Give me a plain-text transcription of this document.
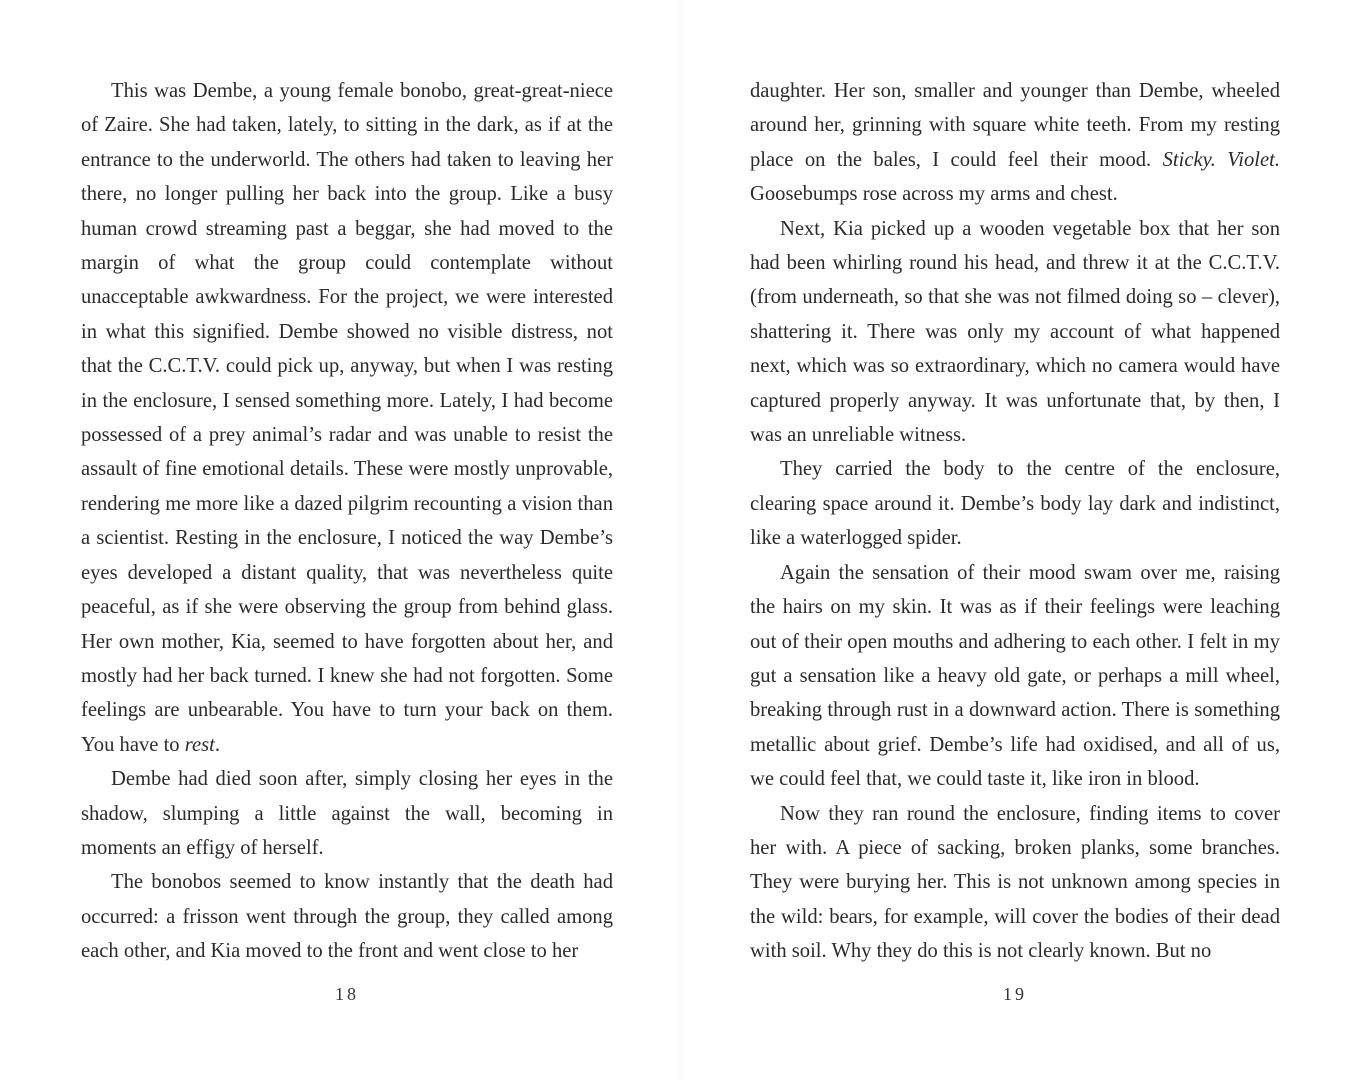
This was Dembe, a young female bonobo, great-great-niece of Zaire. She had taken, lately, to sitting in the dark, as if at the entrance to the underworld. The others had taken to leaving her there, no longer pulling her back into the group. Like a busy human crowd streaming past a beggar, she had moved to the margin of what the group could contemplate without unacceptable awkwardness. For the project, we were interested in what this signified. Dembe showed no visible distress, not that the C.C.T.V. could pick up, anyway, but when I was resting in the enclosure, I sensed something more. Lately, I had become possessed of a prey animal’s radar and was unable to resist the assault of fine emotional details. These were mostly unprovable, rendering me more like a dazed pilgrim recounting a vision than a scientist. Resting in the enclosure, I noticed the way Dembe’s eyes developed a distant quality, that was nevertheless quite peaceful, as if she were observing the group from behind glass. Her own mother, Kia, seemed to have forgotten about her, and mostly had her back turned. I knew she had not forgotten. Some feelings are unbearable. You have to turn your back on them. You have to rest.

Dembe had died soon after, simply closing her eyes in the shadow, slumping a little against the wall, becoming in moments an effigy of herself.

The bonobos seemed to know instantly that the death had occurred: a frisson went through the group, they called among each other, and Kia moved to the front and went close to her

18

daughter. Her son, smaller and younger than Dembe, wheeled around her, grinning with square white teeth. From my resting place on the bales, I could feel their mood. Sticky. Violet. Goosebumps rose across my arms and chest.

Next, Kia picked up a wooden vegetable box that her son had been whirling round his head, and threw it at the C.C.T.V. (from underneath, so that she was not filmed doing so – clever), shattering it. There was only my account of what happened next, which was so extraordinary, which no camera would have captured properly anyway. It was unfortunate that, by then, I was an unreliable witness.

They carried the body to the centre of the enclosure, clearing space around it. Dembe’s body lay dark and indistinct, like a waterlogged spider.

Again the sensation of their mood swam over me, raising the hairs on my skin. It was as if their feelings were leaching out of their open mouths and adhering to each other. I felt in my gut a sensation like a heavy old gate, or perhaps a mill wheel, breaking through rust in a downward action. There is something metallic about grief. Dembe’s life had oxidised, and all of us, we could feel that, we could taste it, like iron in blood.

Now they ran round the enclosure, finding items to cover her with. A piece of sacking, broken planks, some branches. They were burying her. This is not unknown among species in the wild: bears, for example, will cover the bodies of their dead with soil. Why they do this is not clearly known. But no

19
